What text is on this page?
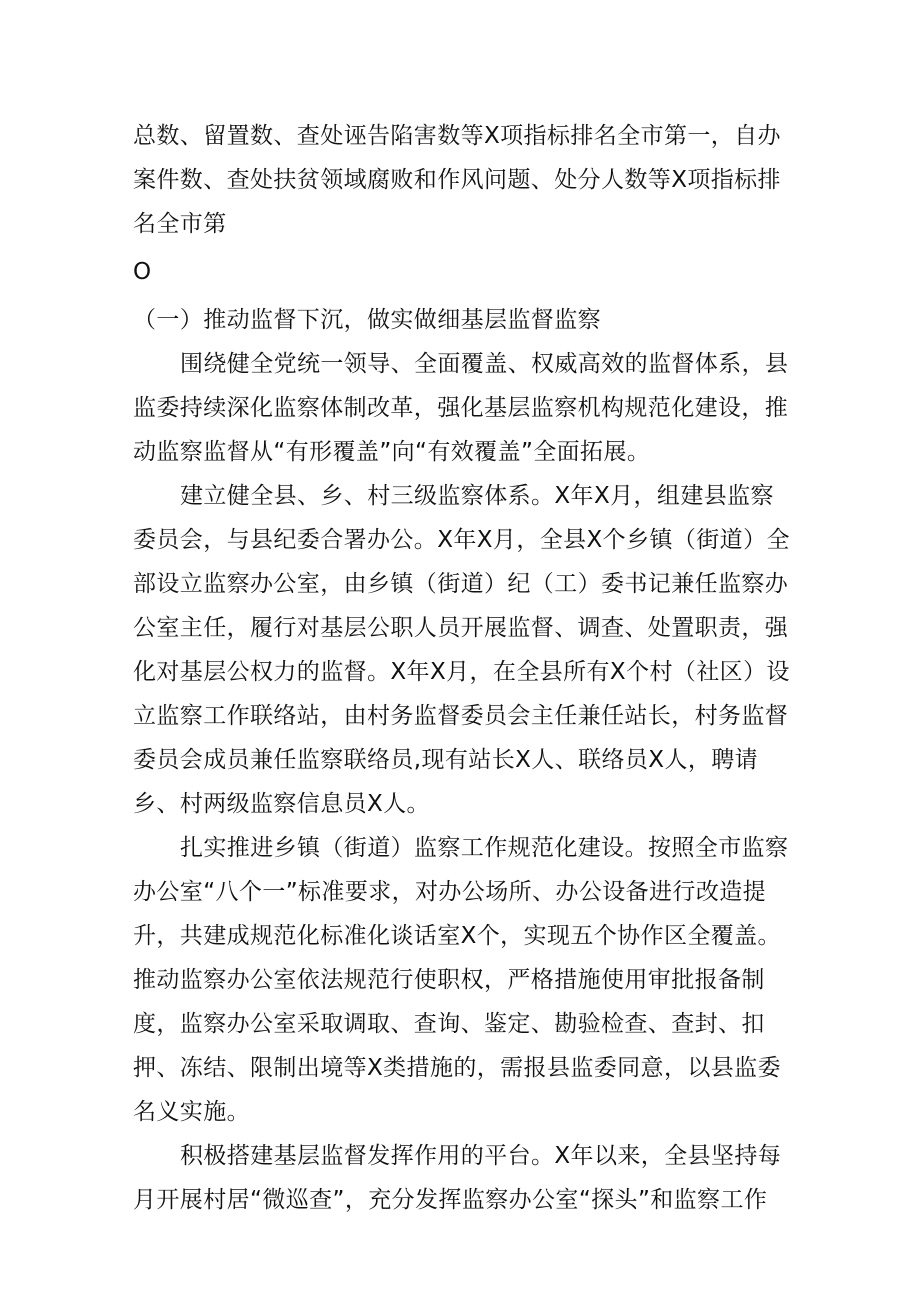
总数、留置数、查处诬告陷害数等X项指标排名全市第一，自办案件数、查处扶贫领域腐败和作风问题、处分人数等X项指标排名全市第

O

（一）推动监督下沉，做实做细基层监督监察

围绕健全党统一领导、全面覆盖、权威高效的监督体系，县监委持续深化监察体制改革，强化基层监察机构规范化建设，推动监察监督从“有形覆盖”向“有效覆盖”全面拓展。

建立健全县、乡、村三级监察体系。X年X月，组建县监察委员会，与县纪委合署办公。X年X月，全县X个乡镇（街道）全部设立监察办公室，由乡镇（街道）纪（工）委书记兼任监察办公室主任，履行对基层公职人员开展监督、调查、处置职责，强化对基层公权力的监督。X年X月，在全县所有X个村（社区）设立监察工作联络站，由村务监督委员会主任兼任站长，村务监督委员会成员兼任监察联络员,现有站长X人、联络员X人，聘请乡、村两级监察信息员X人。

扎实推进乡镇（街道）监察工作规范化建设。按照全市监察办公室“八个一”标准要求，对办公场所、办公设备进行改造提升，共建成规范化标准化谈话室X个，实现五个协作区全覆盖。推动监察办公室依法规范行使职权，严格措施使用审批报备制度，监察办公室采取调取、查询、鉴定、勘验检查、查封、扣押、冻结、限制出境等X类措施的，需报县监委同意，以县监委名义实施。

积极搭建基层监督发挥作用的平台。X年以来，全县坚持每月开展村居“微巡查”，充分发挥监察办公室“探头”和监察工作
